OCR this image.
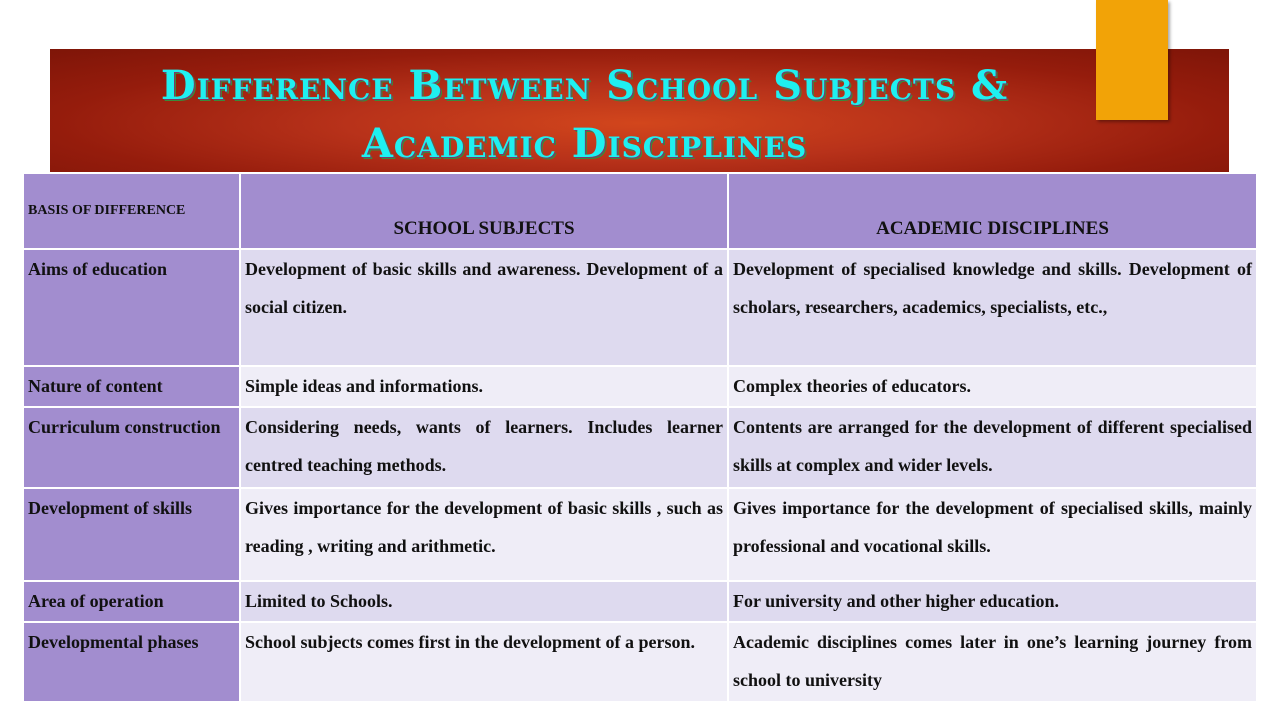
Difference Between School Subjects & Academic Disciplines
BASIS OF DIFFERENCE	SCHOOL SUBJECTS	ACADEMIC DISCIPLINES
Aims of education	Development of basic skills and awareness. Development of a social citizen.	Development of specialised knowledge and skills. Development of scholars, researchers, academics, specialists, etc.,
Nature of content	Simple ideas and informations.	Complex theories of educators.
Curriculum construction	Considering needs, wants of learners. Includes learner centred teaching methods.	Contents are arranged for the development of different specialised skills at complex and wider levels.
Development of skills	Gives importance for the development of basic skills , such as reading , writing and arithmetic.	Gives importance for the development of specialised skills, mainly professional and vocational skills.
Area of operation	Limited to Schools.	For university and other higher education.
Developmental phases	School subjects comes first in the development of a person.	Academic disciplines comes later in one’s learning journey from school to university
